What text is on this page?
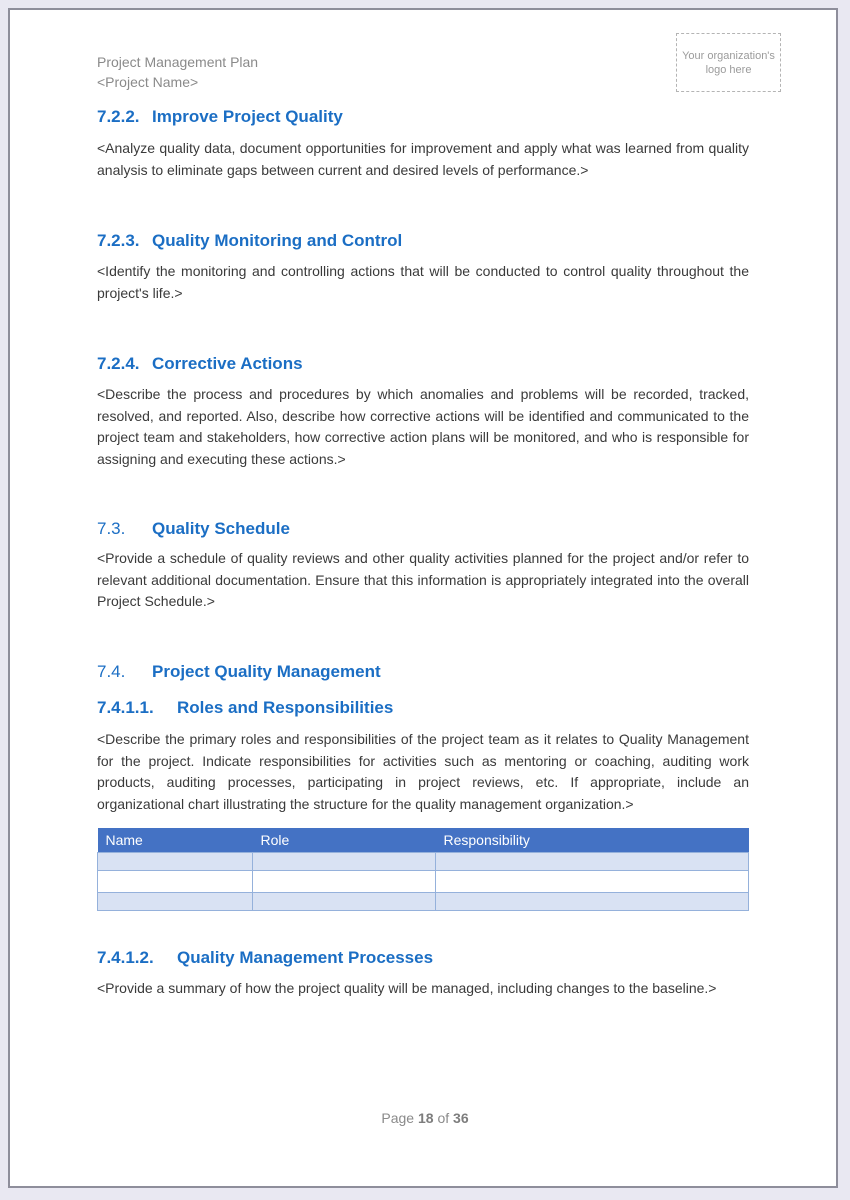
Project Management Plan
<Project Name>
Your organization's logo here
7.2.2. Improve Project Quality
<Analyze quality data, document opportunities for improvement and apply what was learned from quality analysis to eliminate gaps between current and desired levels of performance.>
7.2.3. Quality Monitoring and Control
<Identify the monitoring and controlling actions that will be conducted to control quality throughout the project's life.>
7.2.4. Corrective Actions
<Describe the process and procedures by which anomalies and problems will be recorded, tracked, resolved, and reported. Also, describe how corrective actions will be identified and communicated to the project team and stakeholders, how corrective action plans will be monitored, and who is responsible for assigning and executing these actions.>
7.3. Quality Schedule
<Provide a schedule of quality reviews and other quality activities planned for the project and/or refer to relevant additional documentation. Ensure that this information is appropriately integrated into the overall Project Schedule.>
7.4. Project Quality Management
7.4.1.1. Roles and Responsibilities
<Describe the primary roles and responsibilities of the project team as it relates to Quality Management for the project. Indicate responsibilities for activities such as mentoring or coaching, auditing work products, auditing processes, participating in project reviews, etc. If appropriate, include an organizational chart illustrating the structure for the quality management organization.>
Name	Role	Responsibility

7.4.1.2. Quality Management Processes
<Provide a summary of how the project quality will be managed, including changes to the baseline.>
Page 18 of 36
